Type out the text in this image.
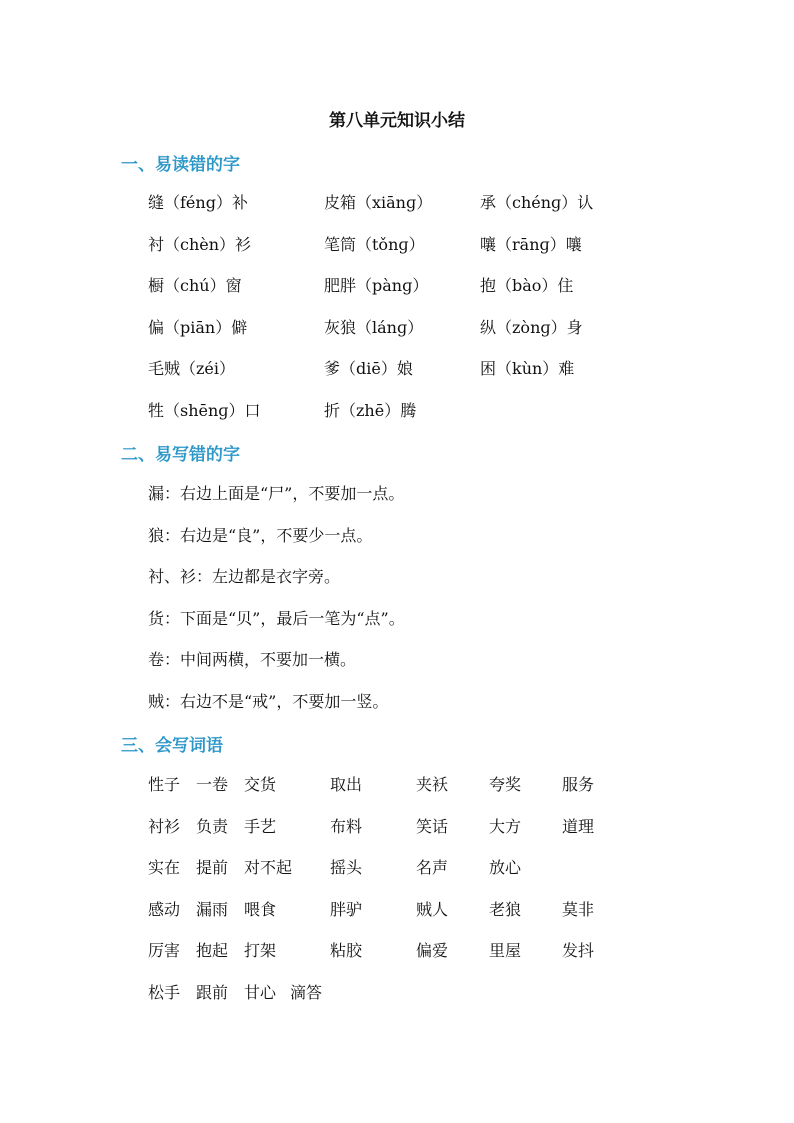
第八单元知识小结
一、易读错的字
缝（féng）补	皮箱（xiānɡ）	承（chénɡ）认
衬（chèn）衫	笔筒（tǒnɡ）	嚷（rānɡ）嚷
橱（chú）窗	肥胖（pànɡ）	抱（bào）住
偏（piān）僻	灰狼（lánɡ）	纵（zònɡ）身
毛贼（zéi）	爹（diē）娘	困（kùn）难
牲（shēnɡ）口	折（zhē）腾
二、易写错的字
漏：右边上面是“尸”，不要加一点。
狼：右边是“良”，不要少一点。
衬、衫：左边都是衣字旁。
货：下面是“贝”，最后一笔为“点”。
卷：中间两横，不要加一横。
贼：右边不是“戒”，不要加一竖。
三、会写词语
性子 一卷 交货	取出	夹袄	夸奖	服务
衬衫 负责 手艺	布料	笑话	大方	道理
实在 提前 对不起 摇头	名声	放心
感动 漏雨 喂食	胖驴	贼人	老狼	莫非
厉害 抱起 打架	粘胶	偏爱	里屋	发抖
松手 跟前 甘心 滴答
